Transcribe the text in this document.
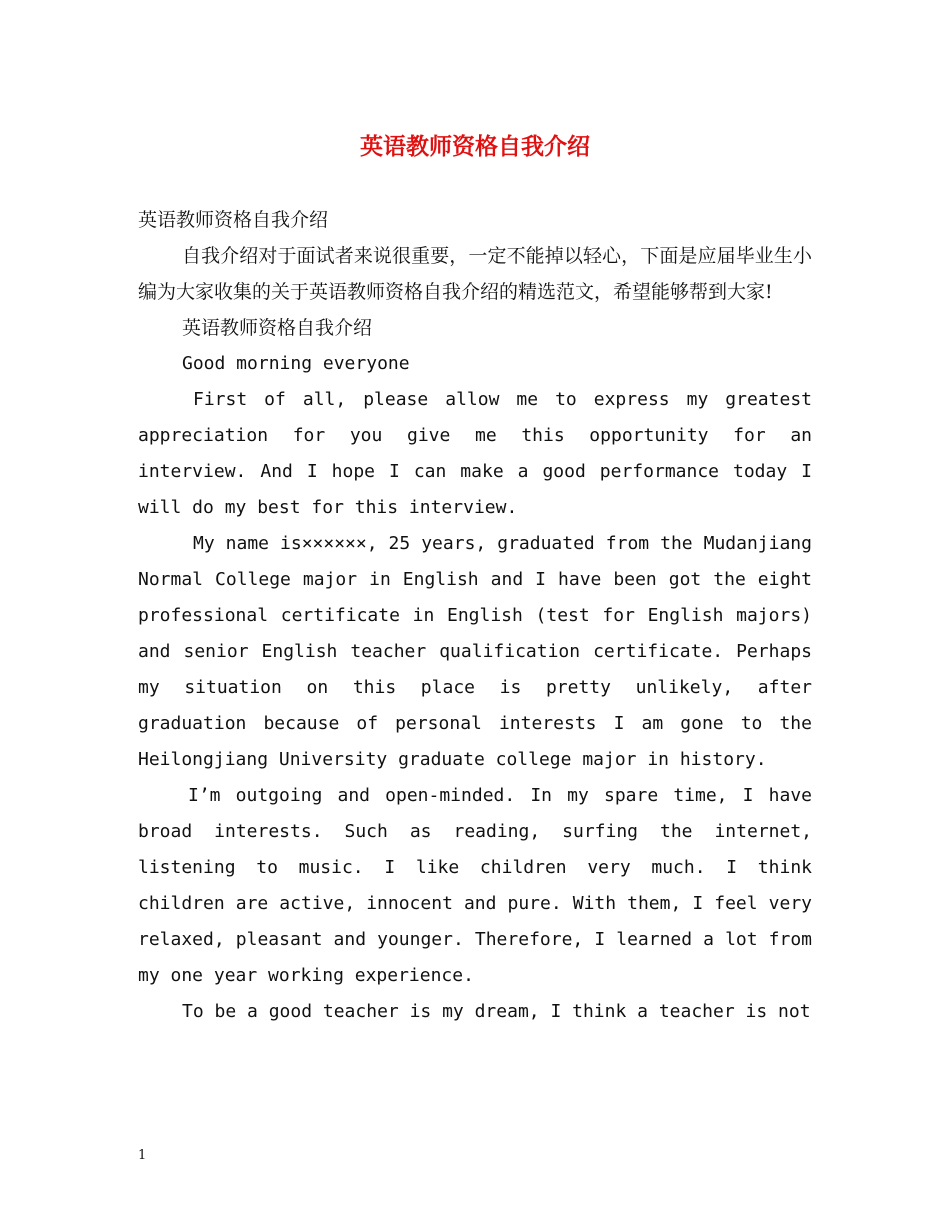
英语教师资格自我介绍

英语教师资格自我介绍

自我介绍对于面试者来说很重要，一定不能掉以轻心，下面是应届毕业生小编为大家收集的关于英语教师资格自我介绍的精选范文，希望能够帮到大家!

英语教师资格自我介绍

Good morning everyone

First of all, please allow me to express my greatest appreciation for you give me this opportunity for an interview. And I hope I can make a good performance today I will do my best for this interview.

My name is××××××, 25 years, graduated from the Mudanjiang Normal College major in English and I have been got the eight professional certificate in English (test for English majors) and senior English teacher qualification certificate. Perhaps my situation on this place is pretty unlikely, after graduation because of personal interests I am gone to the Heilongjiang University graduate college major in history.

I’m outgoing and open-minded. In my spare time, I have broad interests. Such as reading, surfing the internet, listening to music. I like children very much. I think children are active, innocent and pure. With them, I feel very relaxed, pleasant and younger. Therefore, I learned a lot from my one year working experience.

To be a good teacher is my dream, I think a teacher is not

1
